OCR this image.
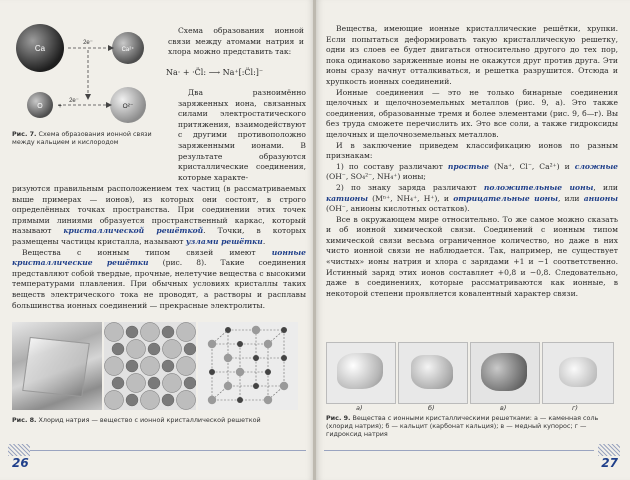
Ca	Ca²⁺
O	O²⁻
2e⁻
2e⁻
+

Схема образования ионной связи между атомами натрия и хлора можно представить так:

Na· + ·C̈l: ⟶ Na⁺[:C̈l:]⁻

Два разноимённо заряженных иона, связанных силами электростатического притяжения, взаимодействуют с другими противоположно заряженными ионами. В результате образуются кристаллические соединения, которые характе-

Рис. 7. Схема образования ионной связи между кальцием и кислородом

ризуются правильным расположением тех частиц (в рассматриваемых выше примерах — ионов), из которых они состоят, в строго определённых точках пространства. При соединении этих точек прямыми линиями образуется пространственный каркас, который называют кристаллической решёткой. Точки, в которых размещены частицы кристалла, называют узлами решётки.

Вещества с ионным типом связей имеют ионные кристаллические решётки (рис. 8). Такие соединения представляют собой твердые, прочные, нелетучие вещества с высокими температурами плавления. При обычных условиях кристаллы таких веществ электрического тока не проводят, а растворы и расплавы большинства ионных соединений — прекрасные электролиты.

Рис. 8. Хлорид натрия — вещество с ионной кристаллической решеткой
26

Вещества, имеющие ионные кристаллические решётки, хрупки. Если попытаться деформировать такую кристаллическую решетку, одни из слоев ее будет двигаться относительно другого до тех пор, пока одинаково заряженные ионы не окажутся друг против друга. Эти ионы сразу начнут отталкиваться, и решетка разрушится. Отсюда и хрупкость ионных соединений.

Ионные соединения — это не только бинарные соединения щелочных и щелочноземельных металлов (рис. 9, а). Это также соединения, образованные тремя и более элементами (рис. 9, б—г). Вы без труда сможете перечислить их. Это все соли, а также гидроксиды щелочных и щелочноземельных металлов.

И в заключение приведем классификацию ионов по разным признакам:

1) по составу различают простые (Na⁺, Cl⁻, Ca²⁺) и сложные (OH⁻, SO₄²⁻, NH₄⁺) ионы;

2) по знаку заряда различают положительные ионы, или катионы (Mⁿ⁺, NH₄⁺, H⁺), и отрицательные ионы, или анионы (OH⁻, анионы кислотных остатков).

Все в окружающем мире относительно. То же самое можно сказать и об ионной химической связи. Соединений с ионным типом химической связи весьма ограниченное количество, но даже в них чисто ионной связи не наблюдается. Так, например, не существует «чистых» ионы натрия и хлора с зарядами +1 и −1 соответственно. Истинный заряд этих ионов составляет +0,8 и −0,8. Следовательно, даже в соединениях, которые рассматриваются как ионные, в некоторой степени проявляется ковалентный характер связи.

а)	б)	в)	г)
Рис. 9. Вещества с ионными кристаллическими решетками: а — каменная соль (хлорид натрия); б — кальцит (карбонат кальция); в — медный купорос; г — гидроксид натрия
27
